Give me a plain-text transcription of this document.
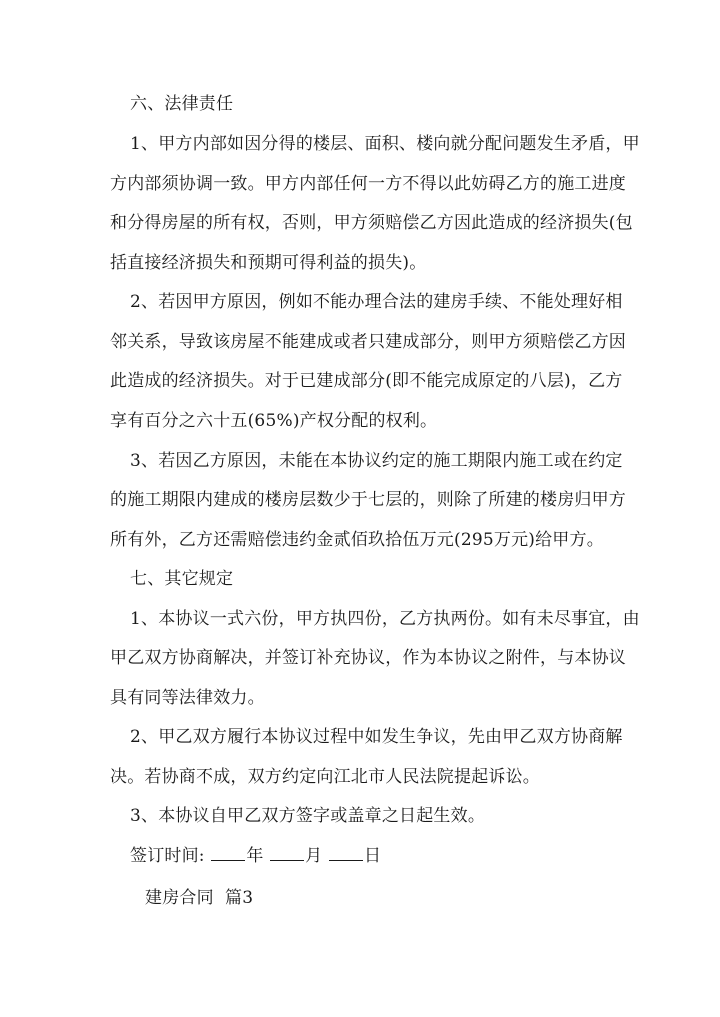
六、法律责任
1、甲方内部如因分得的楼层、面积、楼向就分配问题发生矛盾，甲
方内部须协调一致。甲方内部任何一方不得以此妨碍乙方的施工进度
和分得房屋的所有权，否则，甲方须赔偿乙方因此造成的经济损失(包
括直接经济损失和预期可得利益的损失)。
2、若因甲方原因，例如不能办理合法的建房手续、不能处理好相
邻关系，导致该房屋不能建成或者只建成部分，则甲方须赔偿乙方因
此造成的经济损失。对于已建成部分(即不能完成原定的八层)，乙方
享有百分之六十五(65%)产权分配的权利。
3、若因乙方原因，未能在本协议约定的施工期限内施工或在约定
的施工期限内建成的楼房层数少于七层的，则除了所建的楼房归甲方
所有外，乙方还需赔偿违约金贰佰玖拾伍万元(295万元)给甲方。
七、其它规定
1、本协议一式六份，甲方执四份，乙方执两份。如有未尽事宜，由
甲乙双方协商解决，并签订补充协议，作为本协议之附件，与本协议
具有同等法律效力。
2、甲乙双方履行本协议过程中如发生争议，先由甲乙双方协商解
决。若协商不成，双方约定向江北市人民法院提起诉讼。
3、本协议自甲乙双方签字或盖章之日起生效。
签订时间: 年 月 日
建房合同  篇3
